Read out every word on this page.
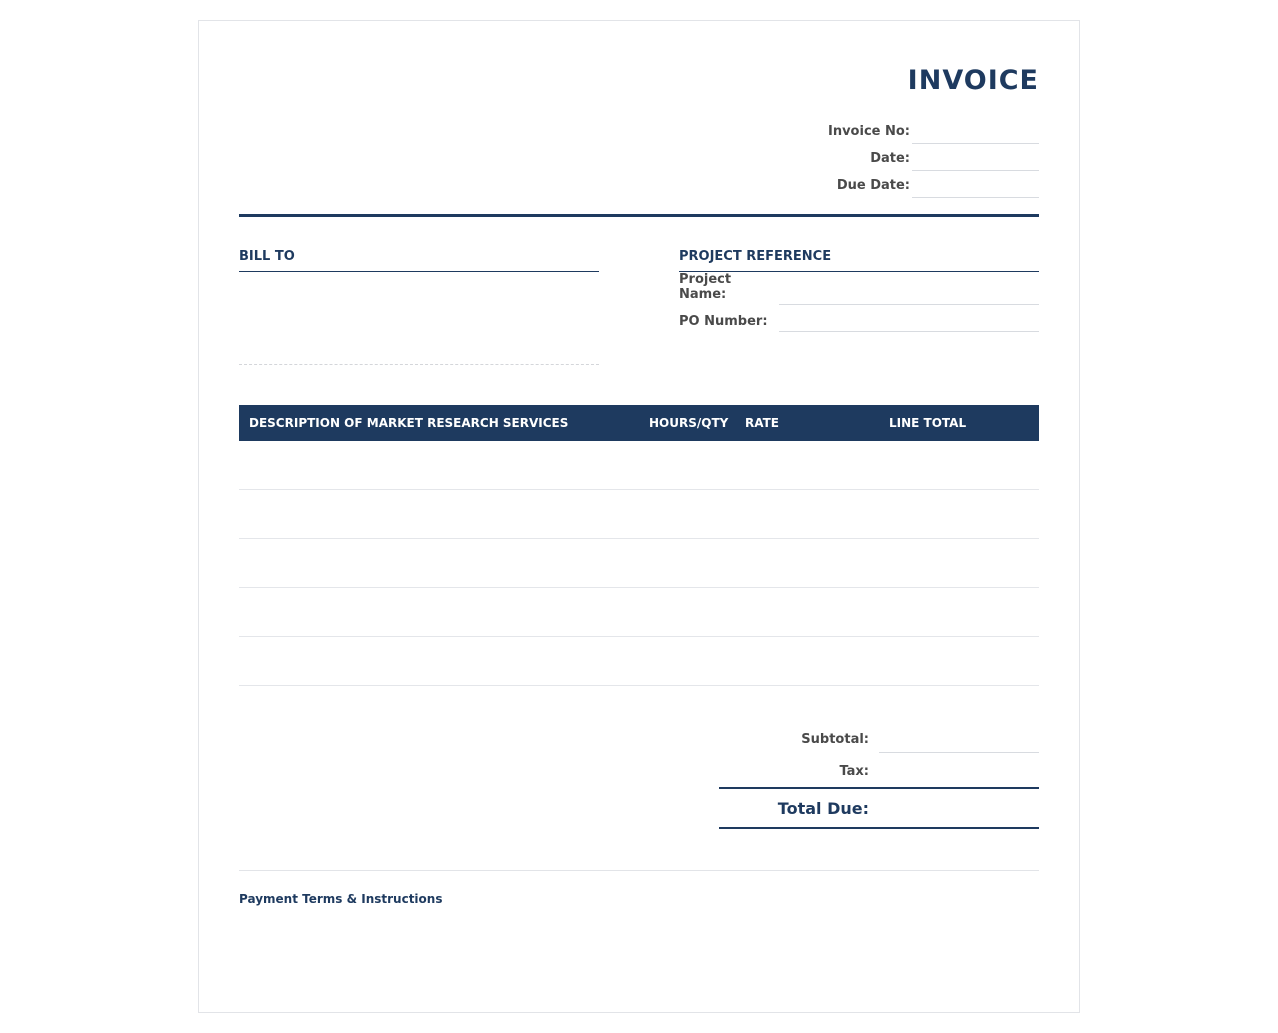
INVOICE
Invoice No:
Date:
Due Date:
BILL TO	PROJECT REFERENCE
Project Name:
PO Number:
DESCRIPTION OF MARKET RESEARCH SERVICES	HOURS/QTY	RATE	LINE TOTAL
Subtotal:
Tax:
Total Due:
Payment Terms & Instructions
